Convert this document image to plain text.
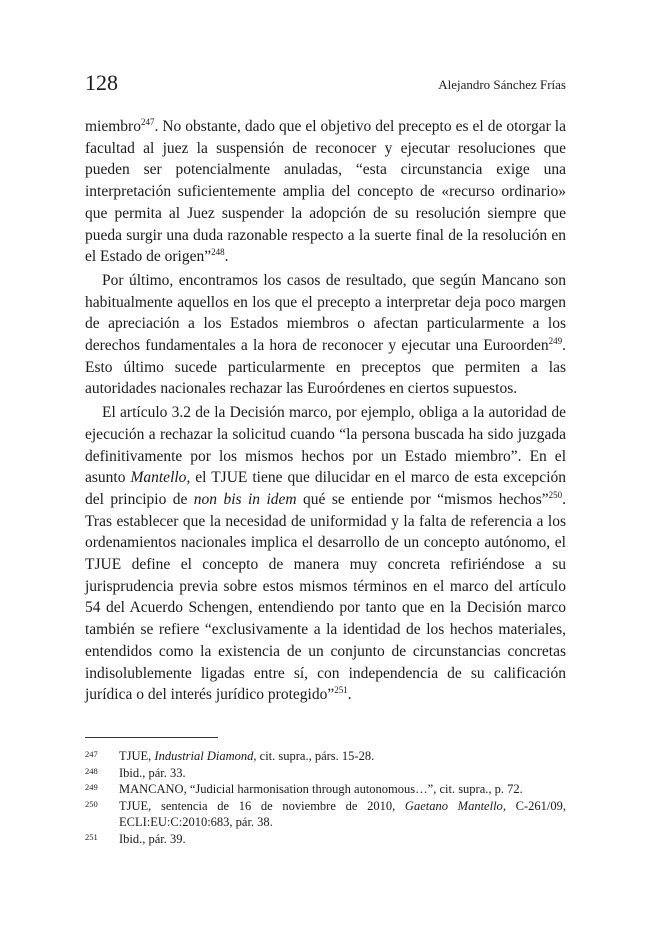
128	Alejandro Sánchez Frías

miembro$^{247}$. No obstante, dado que el objetivo del precepto es el de otorgar la facultad al juez la suspensión de reconocer y ejecutar resoluciones que pueden ser potencialmente anuladas, “esta circunstancia exige una interpretación suficientemente amplia del concepto de «recurso ordinario» que permita al Juez suspender la adopción de su resolución siempre que pueda surgir una duda razonable respecto a la suerte final de la resolución en el Estado de origen”$^{248}$.

Por último, encontramos los casos de resultado, que según Mancano son habitualmente aquellos en los que el precepto a interpretar deja poco margen de apreciación a los Estados miembros o afectan particularmente a los derechos fundamentales a la hora de reconocer y ejecutar una Euroorden$^{249}$. Esto último sucede particularmente en preceptos que permiten a las autoridades nacionales rechazar las Euroórdenes en ciertos supuestos.

El artículo 3.2 de la Decisión marco, por ejemplo, obliga a la autoridad de ejecución a rechazar la solicitud cuando “la persona buscada ha sido juzgada definitivamente por los mismos hechos por un Estado miembro”. En el asunto Mantello, el TJUE tiene que dilucidar en el marco de esta excepción del principio de non bis in idem qué se entiende por “mismos hechos”$^{250}$. Tras establecer que la necesidad de uniformidad y la falta de referencia a los ordenamientos nacionales implica el desarrollo de un concepto autónomo, el TJUE define el concepto de manera muy concreta refiriéndose a su jurisprudencia previa sobre estos mismos términos en el marco del artículo 54 del Acuerdo Schengen, entendiendo por tanto que en la Decisión marco también se refiere “exclusivamente a la identidad de los hechos materiales, entendidos como la existencia de un conjunto de circunstancias concretas indisolublemente ligadas entre sí, con independencia de su calificación jurídica o del interés jurídico protegido”$^{251}$.

247 TJUE, Industrial Diamond, cit. supra., párs. 15-28.
248 Ibid., pár. 33.
249 MANCANO, “Judicial harmonisation through autonomous…”, cit. supra., p. 72.
250 TJUE, sentencia de 16 de noviembre de 2010, Gaetano Mantello, C-261/09, ECLI:EU:C:2010:683, pár. 38.
251 Ibid., pár. 39.
